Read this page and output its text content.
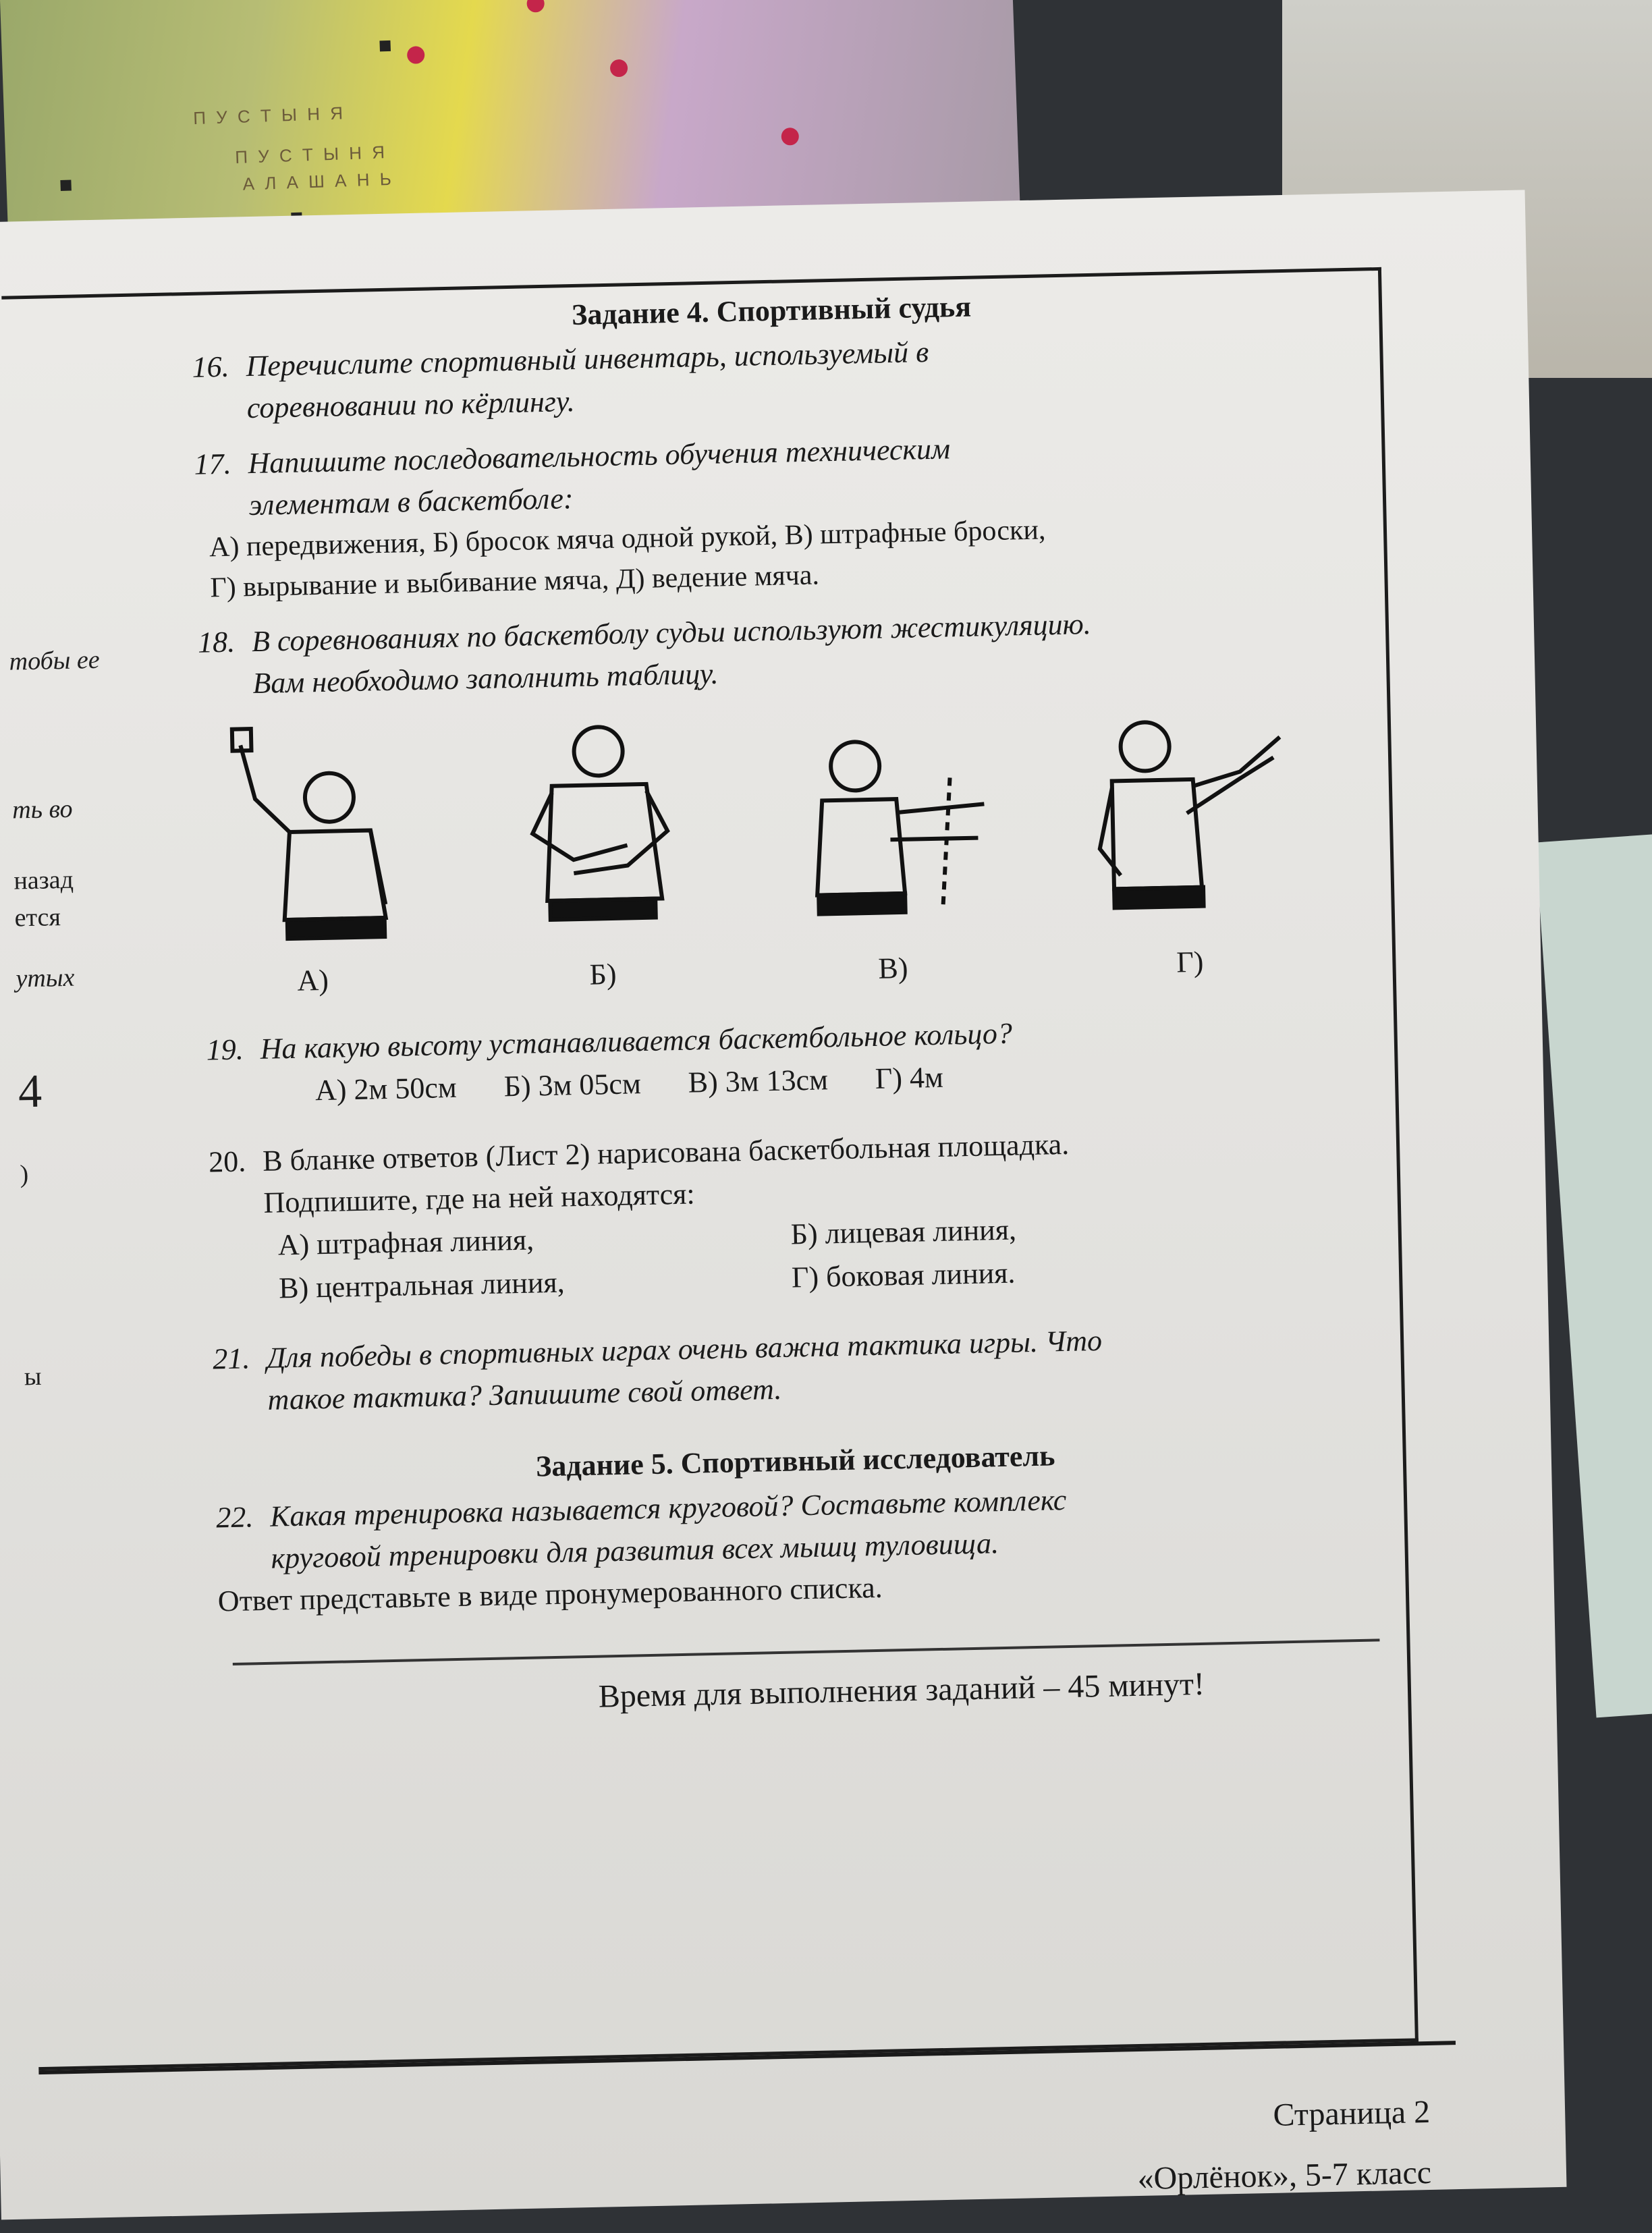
П У С Т Ы Н Я
П У С Т Ы Н Я
А Л А Ш А Н Ь
тобы ее
ть во
назад
ется
утых
4
)
ы
Задание 4. Спортивный судья

16. Перечислите спортивный инвентарь, используемый в
соревновании по кёрлингу.

17. Напишите последовательность обучения техническим
элементам в баскетболе:

А) передвижения, Б) бросок мяча одной рукой, В) штрафные броски,
Г) вырывание и выбивание мяча, Д) ведение мяча.

18. В соревнованиях по баскетболу судьи используют жестикуляцию.
Вам необходимо заполнить таблицу.

А)	Б)	В)	Г)

19. На какую высоту устанавливается баскетбольное кольцо?

А) 2м 50см Б) 3м 05см В) 3м 13см Г) 4м

20. В бланке ответов (Лист 2) нарисована баскетбольная площадка.
Подпишите, где на ней находятся:

А) штрафная линия,	Б) лицевая линия,
В) центральная линия,	Г) боковая линия.

21. Для победы в спортивных играх очень важна тактика игры. Что
такое тактика? Запишите свой ответ.

Задание 5. Спортивный исследователь

22. Какая тренировка называется круговой? Составьте комплекс
круговой тренировки для развития всех мышц туловища.

Ответ представьте в виде пронумерованного списка.
Время для выполнения заданий – 45 минут!
Страница 2
«Орлёнок», 5-7 класс
